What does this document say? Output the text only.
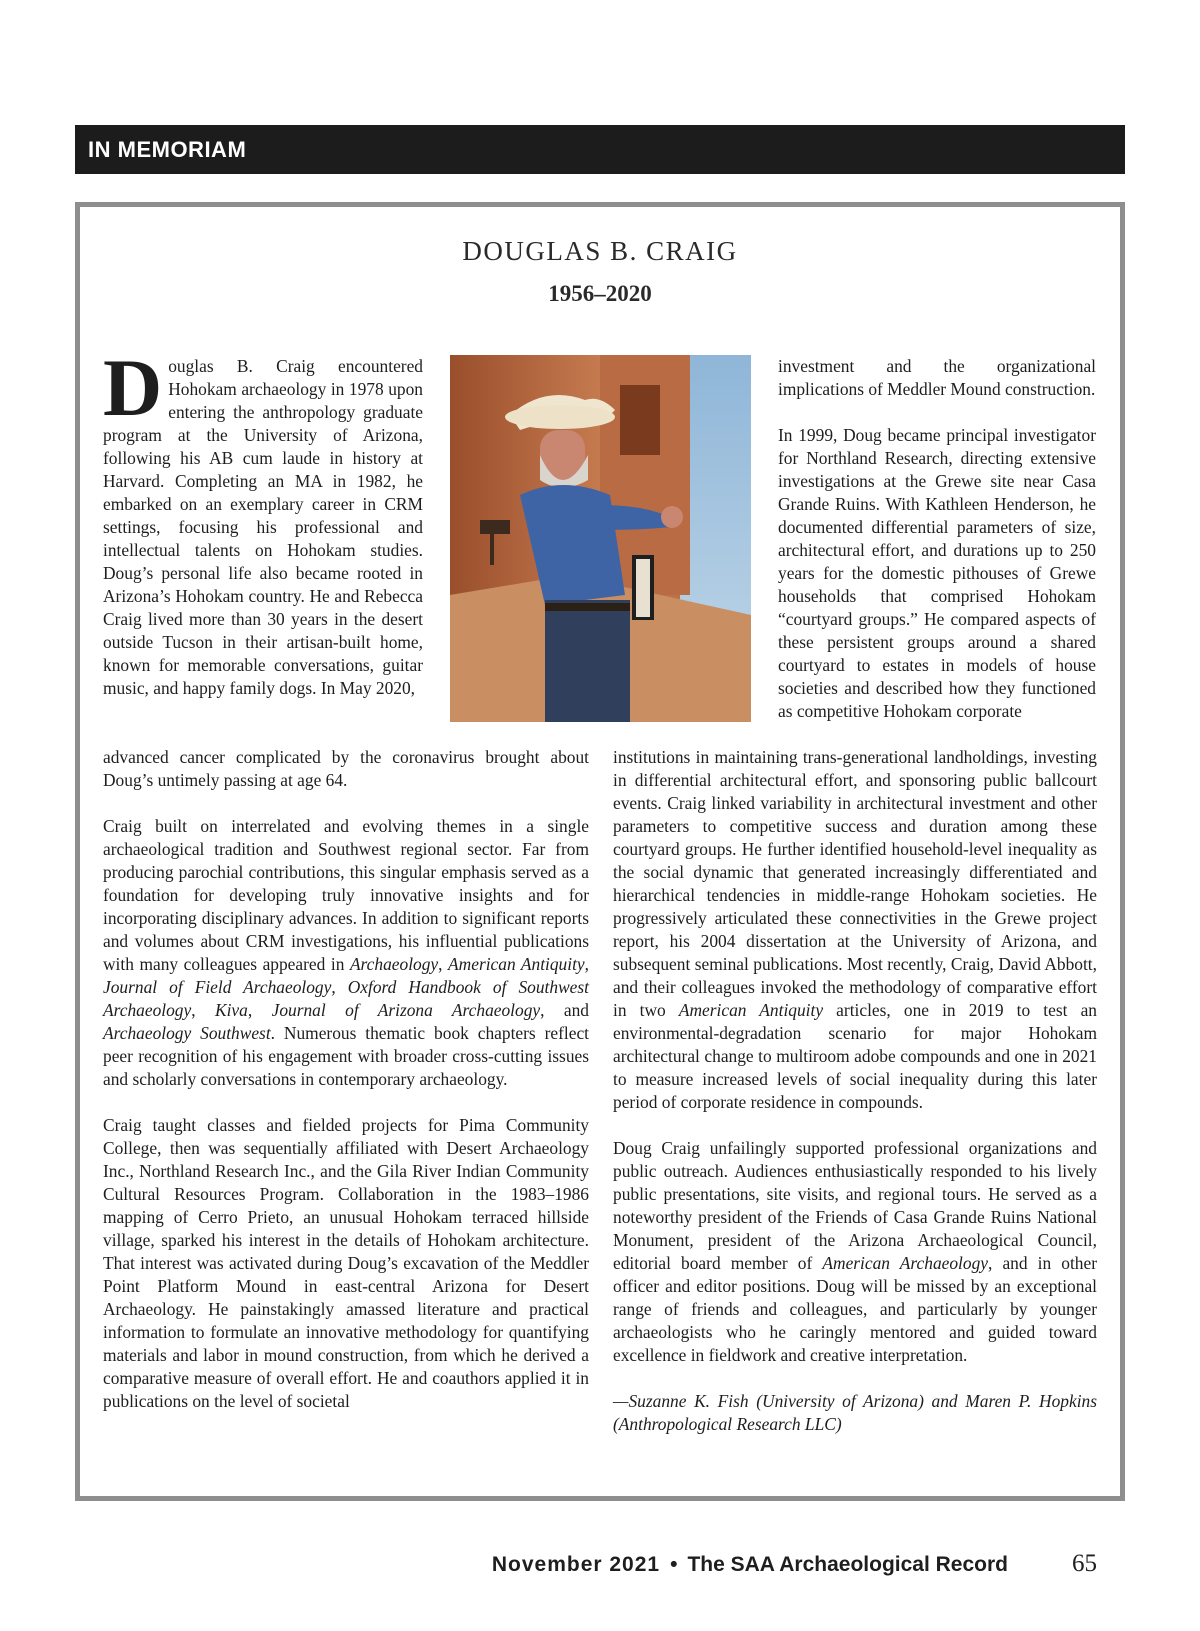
IN MEMORIAM
DOUGLAS B. CRAIG
1956–2020
Douglas B. Craig encountered Hohokam archaeology in 1978 upon entering the anthropology graduate program at the University of Arizona, following his AB cum laude in history at Harvard. Completing an MA in 1982, he embarked on an exemplary career in CRM settings, focusing his professional and intellectual talents on Hohokam studies. Doug’s personal life also became rooted in Arizona’s Hohokam country. He and Rebecca Craig lived more than 30 years in the desert outside Tucson in their artisan-built home, known for memorable conversations, guitar music, and happy family dogs. In May 2020,

advanced cancer complicated by the coronavirus brought about Doug’s untimely passing at age 64.

Craig built on interrelated and evolving themes in a single archaeological tradition and Southwest regional sector. Far from producing parochial contributions, this singular emphasis served as a foundation for developing truly innovative insights and for incorporating disciplinary advances. In addition to significant reports and volumes about CRM investigations, his influential publications with many colleagues appeared in Archaeology, American Antiquity, Journal of Field Archaeology, Oxford Handbook of Southwest Archaeology, Kiva, Journal of Arizona Archaeology, and Archaeology Southwest. Numerous thematic book chapters reflect peer recognition of his engagement with broader cross-cutting issues and scholarly conversations in contemporary archaeology.

Craig taught classes and fielded projects for Pima Community College, then was sequentially affiliated with Desert Archaeology Inc., Northland Research Inc., and the Gila River Indian Community Cultural Resources Program. Collaboration in the 1983–1986 mapping of Cerro Prieto, an unusual Hohokam terraced hillside village, sparked his interest in the details of Hohokam architecture. That interest was activated during Doug’s excavation of the Meddler Point Platform Mound in east-central Arizona for Desert Archaeology. He painstakingly amassed literature and practical information to formulate an innovative methodology for quantifying materials and labor in mound construction, from which he derived a comparative measure of overall effort. He and coauthors applied it in publications on the level of societal

investment and the organizational implications of Meddler Mound construction.

In 1999, Doug became principal investigator for Northland Research, directing extensive investigations at the Grewe site near Casa Grande Ruins. With Kathleen Henderson, he documented differential parameters of size, architectural effort, and durations up to 250 years for the domestic pithouses of Grewe households that comprised Hohokam “courtyard groups.” He compared aspects of these persistent groups around a shared courtyard to estates in models of house societies and described how they functioned as competitive Hohokam corporate

institutions in maintaining trans-generational landholdings, investing in differential architectural effort, and sponsoring public ballcourt events. Craig linked variability in architectural investment and other parameters to competitive success and duration among these courtyard groups. He further identified household-level inequality as the social dynamic that generated increasingly differentiated and hierarchical tendencies in middle-range Hohokam societies. He progressively articulated these connectivities in the Grewe project report, his 2004 dissertation at the University of Arizona, and subsequent seminal publications. Most recently, Craig, David Abbott, and their colleagues invoked the methodology of comparative effort in two American Antiquity articles, one in 2019 to test an environmental-degradation scenario for major Hohokam architectural change to multiroom adobe compounds and one in 2021 to measure increased levels of social inequality during this later period of corporate residence in compounds.

Doug Craig unfailingly supported professional organizations and public outreach. Audiences enthusiastically responded to his lively public presentations, site visits, and regional tours. He served as a noteworthy president of the Friends of Casa Grande Ruins National Monument, president of the Arizona Archaeological Council, editorial board member of American Archaeology, and in other officer and editor positions. Doug will be missed by an exceptional range of friends and colleagues, and particularly by younger archaeologists who he caringly mentored and guided toward excellence in fieldwork and creative interpretation.

—Suzanne K. Fish (University of Arizona) and Maren P. Hopkins (Anthropological Research LLC)

November 2021 • The SAA Archaeological Record	65
